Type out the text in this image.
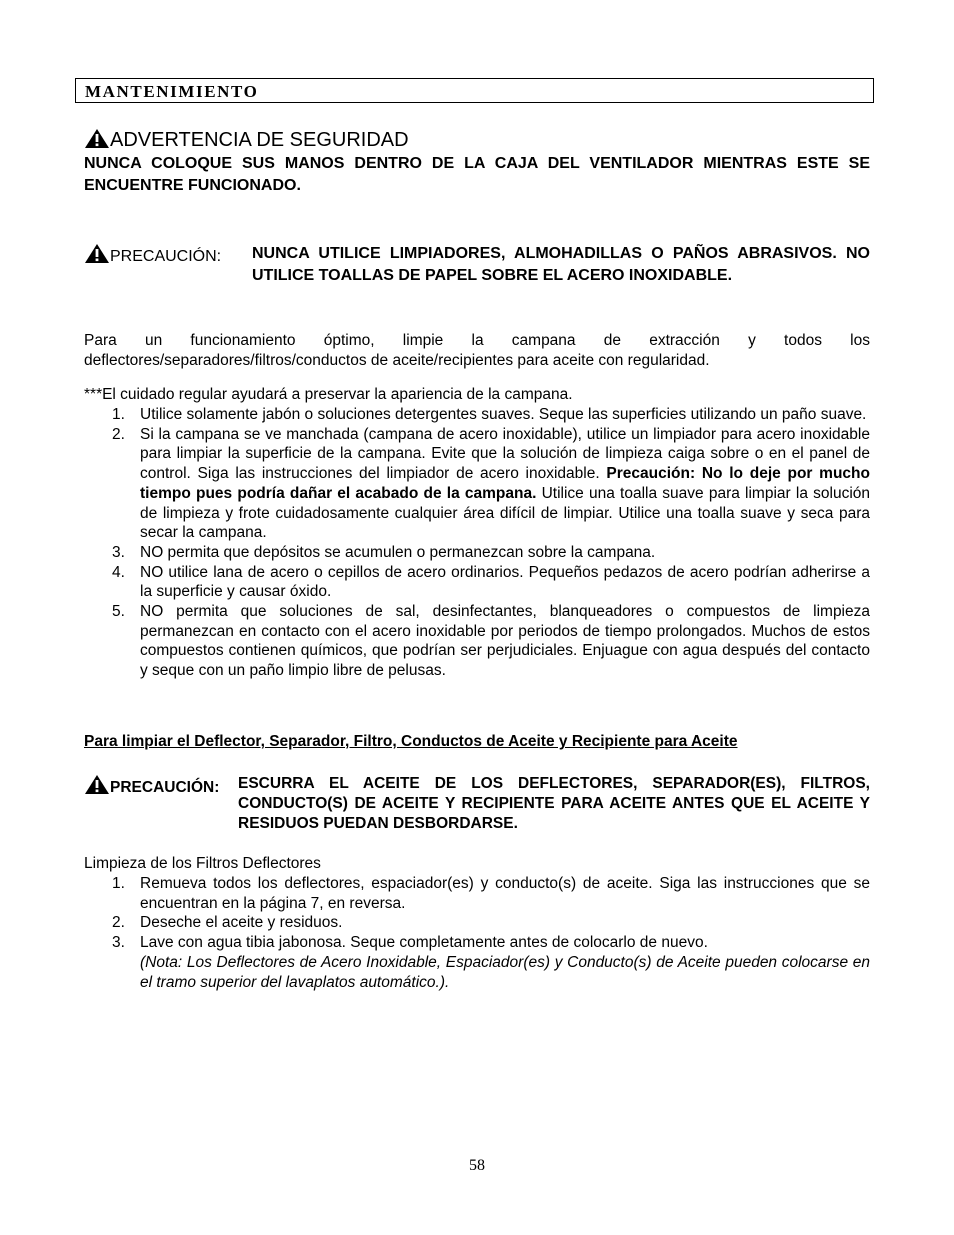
MANTENIMIENTO
ADVERTENCIA DE SEGURIDAD
NUNCA COLOQUE SUS MANOS DENTRO DE LA CAJA DEL VENTILADOR MIENTRAS ESTE SE ENCUENTRE FUNCIONADO.
PRECAUCIÓN: NUNCA UTILICE LIMPIADORES, ALMOHADILLAS O PAÑOS ABRASIVOS. NO UTILICE TOALLAS DE PAPEL SOBRE EL ACERO INOXIDABLE.
Para un funcionamiento óptimo, limpie la campana de extracción y todos los deflectores/separadores/filtros/conductos de aceite/recipientes para aceite con regularidad.
***El cuidado regular ayudará a preservar la apariencia de la campana.
1. Utilice solamente jabón o soluciones detergentes suaves. Seque las superficies utilizando un paño suave.
2. Si la campana se ve manchada (campana de acero inoxidable), utilice un limpiador para acero inoxidable para limpiar la superficie de la campana. Evite que la solución de limpieza caiga sobre o en el panel de control. Siga las instrucciones del limpiador de acero inoxidable. Precaución: No lo deje por mucho tiempo pues podría dañar el acabado de la campana. Utilice una toalla suave para limpiar la solución de limpieza y frote cuidadosamente cualquier área difícil de limpiar. Utilice una toalla suave y seca para secar la campana.
3. NO permita que depósitos se acumulen o permanezcan sobre la campana.
4. NO utilice lana de acero o cepillos de acero ordinarios. Pequeños pedazos de acero podrían adherirse a la superficie y causar óxido.
5. NO permita que soluciones de sal, desinfectantes, blanqueadores o compuestos de limpieza permanezcan en contacto con el acero inoxidable por periodos de tiempo prolongados. Muchos de estos compuestos contienen químicos, que podrían ser perjudiciales. Enjuague con agua después del contacto y seque con un paño limpio libre de pelusas.
Para limpiar el Deflector, Separador, Filtro, Conductos de Aceite y Recipiente para Aceite
PRECAUCIÓN: ESCURRA EL ACEITE DE LOS DEFLECTORES, SEPARADOR(ES), FILTROS, CONDUCTO(S) DE ACEITE Y RECIPIENTE PARA ACEITE ANTES QUE EL ACEITE Y RESIDUOS PUEDAN DESBORDARSE.
Limpieza de los Filtros Deflectores
1. Remueva todos los deflectores, espaciador(es) y conducto(s) de aceite. Siga las instrucciones que se encuentran en la página 7, en reversa.
2. Deseche el aceite y residuos.
3. Lave con agua tibia jabonosa. Seque completamente antes de colocarlo de nuevo.
(Nota: Los Deflectores de Acero Inoxidable, Espaciador(es) y Conducto(s) de Aceite pueden colocarse en el tramo superior del lavaplatos automático.).
58
